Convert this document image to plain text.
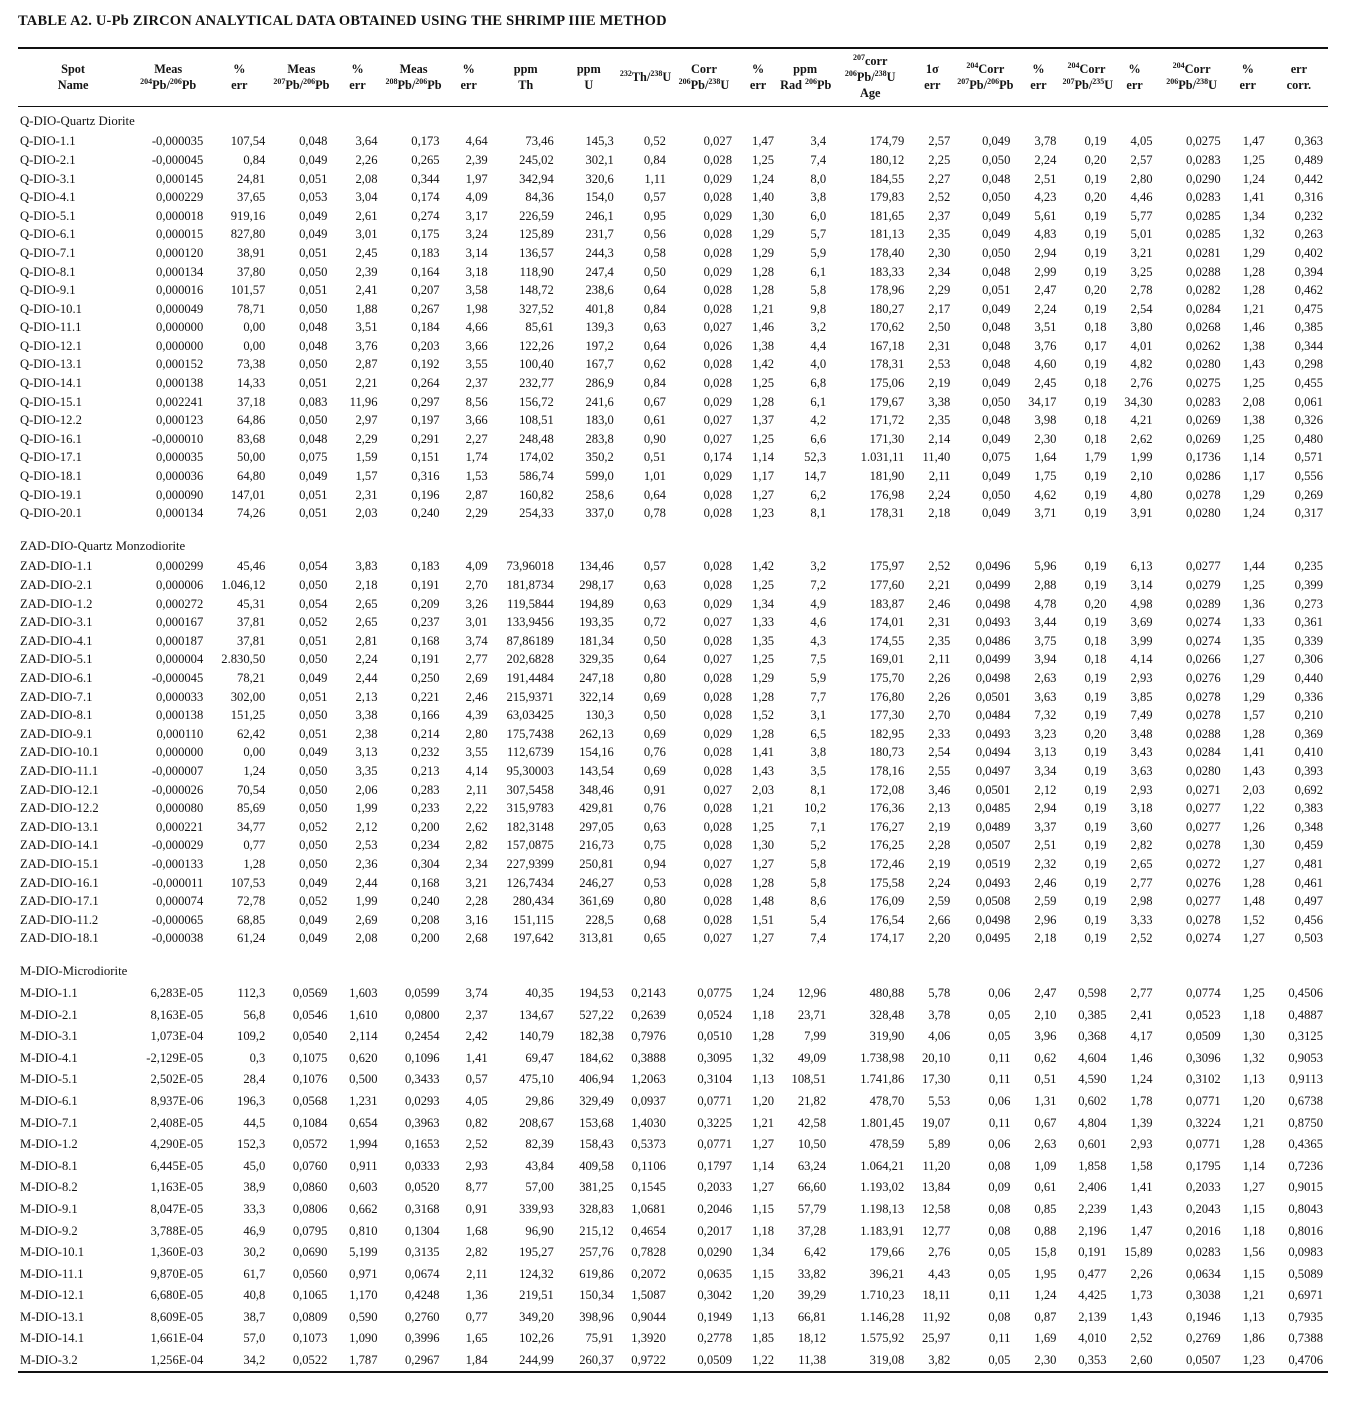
TABLE A2. U-Pb ZIRCON ANALYTICAL DATA OBTAINED USING THE SHRIMP IIIE METHOD
Spot
Name

Meas
$^{204}$Pb/$^{206}$Pb

%
err

Meas
$^{207}$Pb/$^{206}$Pb

%
err

Meas
$^{208}$Pb/$^{206}$Pb

%
err

ppm
Th

ppm
U

$^{232}$Th/$^{238}$U

Corr
$^{206}$Pb/$^{238}$U

%
err

ppm
Rad $^{206}$Pb

$^{207}$corr
$^{206}$Pb/$^{238}$U
Age

1σ
err

$^{204}$Corr
$^{207}$Pb/$^{206}$Pb

%
err

$^{204}$Corr
$^{207}$Pb/$^{235}$U

%
err

$^{204}$Corr
$^{206}$Pb/$^{238}$U

%
err

err
corr.

Q-DIO-Quartz Diorite																					
Q-DIO-1.1	-0,000035	107,54	0,048	3,64	0,173	4,64	73,46	145,3	0,52	0,027	1,47	3,4	174,79	2,57	0,049	3,78	0,19	4,05	0,0275	1,47	0,363
Q-DIO-2.1	-0,000045	0,84	0,049	2,26	0,265	2,39	245,02	302,1	0,84	0,028	1,25	7,4	180,12	2,25	0,050	2,24	0,20	2,57	0,0283	1,25	0,489
Q-DIO-3.1	0,000145	24,81	0,051	2,08	0,344	1,97	342,94	320,6	1,11	0,029	1,24	8,0	184,55	2,27	0,048	2,51	0,19	2,80	0,0290	1,24	0,442
Q-DIO-4.1	0,000229	37,65	0,053	3,04	0,174	4,09	84,36	154,0	0,57	0,028	1,40	3,8	179,83	2,52	0,050	4,23	0,20	4,46	0,0283	1,41	0,316
Q-DIO-5.1	0,000018	919,16	0,049	2,61	0,274	3,17	226,59	246,1	0,95	0,029	1,30	6,0	181,65	2,37	0,049	5,61	0,19	5,77	0,0285	1,34	0,232
Q-DIO-6.1	0,000015	827,80	0,049	3,01	0,175	3,24	125,89	231,7	0,56	0,028	1,29	5,7	181,13	2,35	0,049	4,83	0,19	5,01	0,0285	1,32	0,263
Q-DIO-7.1	0,000120	38,91	0,051	2,45	0,183	3,14	136,57	244,3	0,58	0,028	1,29	5,9	178,40	2,30	0,050	2,94	0,19	3,21	0,0281	1,29	0,402
Q-DIO-8.1	0,000134	37,80	0,050	2,39	0,164	3,18	118,90	247,4	0,50	0,029	1,28	6,1	183,33	2,34	0,048	2,99	0,19	3,25	0,0288	1,28	0,394
Q-DIO-9.1	0,000016	101,57	0,051	2,41	0,207	3,58	148,72	238,6	0,64	0,028	1,28	5,8	178,96	2,29	0,051	2,47	0,20	2,78	0,0282	1,28	0,462
Q-DIO-10.1	0,000049	78,71	0,050	1,88	0,267	1,98	327,52	401,8	0,84	0,028	1,21	9,8	180,27	2,17	0,049	2,24	0,19	2,54	0,0284	1,21	0,475
Q-DIO-11.1	0,000000	0,00	0,048	3,51	0,184	4,66	85,61	139,3	0,63	0,027	1,46	3,2	170,62	2,50	0,048	3,51	0,18	3,80	0,0268	1,46	0,385
Q-DIO-12.1	0,000000	0,00	0,048	3,76	0,203	3,66	122,26	197,2	0,64	0,026	1,38	4,4	167,18	2,31	0,048	3,76	0,17	4,01	0,0262	1,38	0,344
Q-DIO-13.1	0,000152	73,38	0,050	2,87	0,192	3,55	100,40	167,7	0,62	0,028	1,42	4,0	178,31	2,53	0,048	4,60	0,19	4,82	0,0280	1,43	0,298
Q-DIO-14.1	0,000138	14,33	0,051	2,21	0,264	2,37	232,77	286,9	0,84	0,028	1,25	6,8	175,06	2,19	0,049	2,45	0,18	2,76	0,0275	1,25	0,455
Q-DIO-15.1	0,002241	37,18	0,083	11,96	0,297	8,56	156,72	241,6	0,67	0,029	1,28	6,1	179,67	3,38	0,050	34,17	0,19	34,30	0,0283	2,08	0,061
Q-DIO-12.2	0,000123	64,86	0,050	2,97	0,197	3,66	108,51	183,0	0,61	0,027	1,37	4,2	171,72	2,35	0,048	3,98	0,18	4,21	0,0269	1,38	0,326
Q-DIO-16.1	-0,000010	83,68	0,048	2,29	0,291	2,27	248,48	283,8	0,90	0,027	1,25	6,6	171,30	2,14	0,049	2,30	0,18	2,62	0,0269	1,25	0,480
Q-DIO-17.1	0,000035	50,00	0,075	1,59	0,151	1,74	174,02	350,2	0,51	0,174	1,14	52,3	1.031,11	11,40	0,075	1,64	1,79	1,99	0,1736	1,14	0,571
Q-DIO-18.1	0,000036	64,80	0,049	1,57	0,316	1,53	586,74	599,0	1,01	0,029	1,17	14,7	181,90	2,11	0,049	1,75	0,19	2,10	0,0286	1,17	0,556
Q-DIO-19.1	0,000090	147,01	0,051	2,31	0,196	2,87	160,82	258,6	0,64	0,028	1,27	6,2	176,98	2,24	0,050	4,62	0,19	4,80	0,0278	1,29	0,269
Q-DIO-20.1	0,000134	74,26	0,051	2,03	0,240	2,29	254,33	337,0	0,78	0,028	1,23	8,1	178,31	2,18	0,049	3,71	0,19	3,91	0,0280	1,24	0,317
ZAD-DIO-Quartz Monzodiorite																					
ZAD-DIO-1.1	0,000299	45,46	0,054	3,83	0,183	4,09	73,96018	134,46	0,57	0,028	1,42	3,2	175,97	2,52	0,0496	5,96	0,19	6,13	0,0277	1,44	0,235
ZAD-DIO-2.1	0,000006	1.046,12	0,050	2,18	0,191	2,70	181,8734	298,17	0,63	0,028	1,25	7,2	177,60	2,21	0,0499	2,88	0,19	3,14	0,0279	1,25	0,399
ZAD-DIO-1.2	0,000272	45,31	0,054	2,65	0,209	3,26	119,5844	194,89	0,63	0,029	1,34	4,9	183,87	2,46	0,0498	4,78	0,20	4,98	0,0289	1,36	0,273
ZAD-DIO-3.1	0,000167	37,81	0,052	2,65	0,237	3,01	133,9456	193,35	0,72	0,027	1,33	4,6	174,01	2,31	0,0493	3,44	0,19	3,69	0,0274	1,33	0,361
ZAD-DIO-4.1	0,000187	37,81	0,051	2,81	0,168	3,74	87,86189	181,34	0,50	0,028	1,35	4,3	174,55	2,35	0,0486	3,75	0,18	3,99	0,0274	1,35	0,339
ZAD-DIO-5.1	0,000004	2.830,50	0,050	2,24	0,191	2,77	202,6828	329,35	0,64	0,027	1,25	7,5	169,01	2,11	0,0499	3,94	0,18	4,14	0,0266	1,27	0,306
ZAD-DIO-6.1	-0,000045	78,21	0,049	2,44	0,250	2,69	191,4484	247,18	0,80	0,028	1,29	5,9	175,70	2,26	0,0498	2,63	0,19	2,93	0,0276	1,29	0,440
ZAD-DIO-7.1	0,000033	302,00	0,051	2,13	0,221	2,46	215,9371	322,14	0,69	0,028	1,28	7,7	176,80	2,26	0,0501	3,63	0,19	3,85	0,0278	1,29	0,336
ZAD-DIO-8.1	0,000138	151,25	0,050	3,38	0,166	4,39	63,03425	130,3	0,50	0,028	1,52	3,1	177,30	2,70	0,0484	7,32	0,19	7,49	0,0278	1,57	0,210
ZAD-DIO-9.1	0,000110	62,42	0,051	2,38	0,214	2,80	175,7438	262,13	0,69	0,029	1,28	6,5	182,95	2,33	0,0493	3,23	0,20	3,48	0,0288	1,28	0,369
ZAD-DIO-10.1	0,000000	0,00	0,049	3,13	0,232	3,55	112,6739	154,16	0,76	0,028	1,41	3,8	180,73	2,54	0,0494	3,13	0,19	3,43	0,0284	1,41	0,410
ZAD-DIO-11.1	-0,000007	1,24	0,050	3,35	0,213	4,14	95,30003	143,54	0,69	0,028	1,43	3,5	178,16	2,55	0,0497	3,34	0,19	3,63	0,0280	1,43	0,393
ZAD-DIO-12.1	-0,000026	70,54	0,050	2,06	0,283	2,11	307,5458	348,46	0,91	0,027	2,03	8,1	172,08	3,46	0,0501	2,12	0,19	2,93	0,0271	2,03	0,692
ZAD-DIO-12.2	0,000080	85,69	0,050	1,99	0,233	2,22	315,9783	429,81	0,76	0,028	1,21	10,2	176,36	2,13	0,0485	2,94	0,19	3,18	0,0277	1,22	0,383
ZAD-DIO-13.1	0,000221	34,77	0,052	2,12	0,200	2,62	182,3148	297,05	0,63	0,028	1,25	7,1	176,27	2,19	0,0489	3,37	0,19	3,60	0,0277	1,26	0,348
ZAD-DIO-14.1	-0,000029	0,77	0,050	2,53	0,234	2,82	157,0875	216,73	0,75	0,028	1,30	5,2	176,25	2,28	0,0507	2,51	0,19	2,82	0,0278	1,30	0,459
ZAD-DIO-15.1	-0,000133	1,28	0,050	2,36	0,304	2,34	227,9399	250,81	0,94	0,027	1,27	5,8	172,46	2,19	0,0519	2,32	0,19	2,65	0,0272	1,27	0,481
ZAD-DIO-16.1	-0,000011	107,53	0,049	2,44	0,168	3,21	126,7434	246,27	0,53	0,028	1,28	5,8	175,58	2,24	0,0493	2,46	0,19	2,77	0,0276	1,28	0,461
ZAD-DIO-17.1	0,000074	72,78	0,052	1,99	0,240	2,28	280,434	361,69	0,80	0,028	1,48	8,6	176,09	2,59	0,0508	2,59	0,19	2,98	0,0277	1,48	0,497
ZAD-DIO-11.2	-0,000065	68,85	0,049	2,69	0,208	3,16	151,115	228,5	0,68	0,028	1,51	5,4	176,54	2,66	0,0498	2,96	0,19	3,33	0,0278	1,52	0,456
ZAD-DIO-18.1	-0,000038	61,24	0,049	2,08	0,200	2,68	197,642	313,81	0,65	0,027	1,27	7,4	174,17	2,20	0,0495	2,18	0,19	2,52	0,0274	1,27	0,503
M-DIO-Microdiorite																					
M-DIO-1.1	6,283E-05	112,3	0,0569	1,603	0,0599	3,74	40,35	194,53	0,2143	0,0775	1,24	12,96	480,88	5,78	0,06	2,47	0,598	2,77	0,0774	1,25	0,4506
M-DIO-2.1	8,163E-05	56,8	0,0546	1,610	0,0800	2,37	134,67	527,22	0,2639	0,0524	1,18	23,71	328,48	3,78	0,05	2,10	0,385	2,41	0,0523	1,18	0,4887
M-DIO-3.1	1,073E-04	109,2	0,0540	2,114	0,2454	2,42	140,79	182,38	0,7976	0,0510	1,28	7,99	319,90	4,06	0,05	3,96	0,368	4,17	0,0509	1,30	0,3125
M-DIO-4.1	-2,129E-05	0,3	0,1075	0,620	0,1096	1,41	69,47	184,62	0,3888	0,3095	1,32	49,09	1.738,98	20,10	0,11	0,62	4,604	1,46	0,3096	1,32	0,9053
M-DIO-5.1	2,502E-05	28,4	0,1076	0,500	0,3433	0,57	475,10	406,94	1,2063	0,3104	1,13	108,51	1.741,86	17,30	0,11	0,51	4,590	1,24	0,3102	1,13	0,9113
M-DIO-6.1	8,937E-06	196,3	0,0568	1,231	0,0293	4,05	29,86	329,49	0,0937	0,0771	1,20	21,82	478,70	5,53	0,06	1,31	0,602	1,78	0,0771	1,20	0,6738
M-DIO-7.1	2,408E-05	44,5	0,1084	0,654	0,3963	0,82	208,67	153,68	1,4030	0,3225	1,21	42,58	1.801,45	19,07	0,11	0,67	4,804	1,39	0,3224	1,21	0,8750
M-DIO-1.2	4,290E-05	152,3	0,0572	1,994	0,1653	2,52	82,39	158,43	0,5373	0,0771	1,27	10,50	478,59	5,89	0,06	2,63	0,601	2,93	0,0771	1,28	0,4365
M-DIO-8.1	6,445E-05	45,0	0,0760	0,911	0,0333	2,93	43,84	409,58	0,1106	0,1797	1,14	63,24	1.064,21	11,20	0,08	1,09	1,858	1,58	0,1795	1,14	0,7236
M-DIO-8.2	1,163E-05	38,9	0,0860	0,603	0,0520	8,77	57,00	381,25	0,1545	0,2033	1,27	66,60	1.193,02	13,84	0,09	0,61	2,406	1,41	0,2033	1,27	0,9015
M-DIO-9.1	8,047E-05	33,3	0,0806	0,662	0,3168	0,91	339,93	328,83	1,0681	0,2046	1,15	57,79	1.198,13	12,58	0,08	0,85	2,239	1,43	0,2043	1,15	0,8043
M-DIO-9.2	3,788E-05	46,9	0,0795	0,810	0,1304	1,68	96,90	215,12	0,4654	0,2017	1,18	37,28	1.183,91	12,77	0,08	0,88	2,196	1,47	0,2016	1,18	0,8016
M-DIO-10.1	1,360E-03	30,2	0,0690	5,199	0,3135	2,82	195,27	257,76	0,7828	0,0290	1,34	6,42	179,66	2,76	0,05	15,8	0,191	15,89	0,0283	1,56	0,0983
M-DIO-11.1	9,870E-05	61,7	0,0560	0,971	0,0674	2,11	124,32	619,86	0,2072	0,0635	1,15	33,82	396,21	4,43	0,05	1,95	0,477	2,26	0,0634	1,15	0,5089
M-DIO-12.1	6,680E-05	40,8	0,1065	1,170	0,4248	1,36	219,51	150,34	1,5087	0,3042	1,20	39,29	1.710,23	18,11	0,11	1,24	4,425	1,73	0,3038	1,21	0,6971
M-DIO-13.1	8,609E-05	38,7	0,0809	0,590	0,2760	0,77	349,20	398,96	0,9044	0,1949	1,13	66,81	1.146,28	11,92	0,08	0,87	2,139	1,43	0,1946	1,13	0,7935
M-DIO-14.1	1,661E-04	57,0	0,1073	1,090	0,3996	1,65	102,26	75,91	1,3920	0,2778	1,85	18,12	1.575,92	25,97	0,11	1,69	4,010	2,52	0,2769	1,86	0,7388
M-DIO-3.2	1,256E-04	34,2	0,0522	1,787	0,2967	1,84	244,99	260,37	0,9722	0,0509	1,22	11,38	319,08	3,82	0,05	2,30	0,353	2,60	0,0507	1,23	0,4706
